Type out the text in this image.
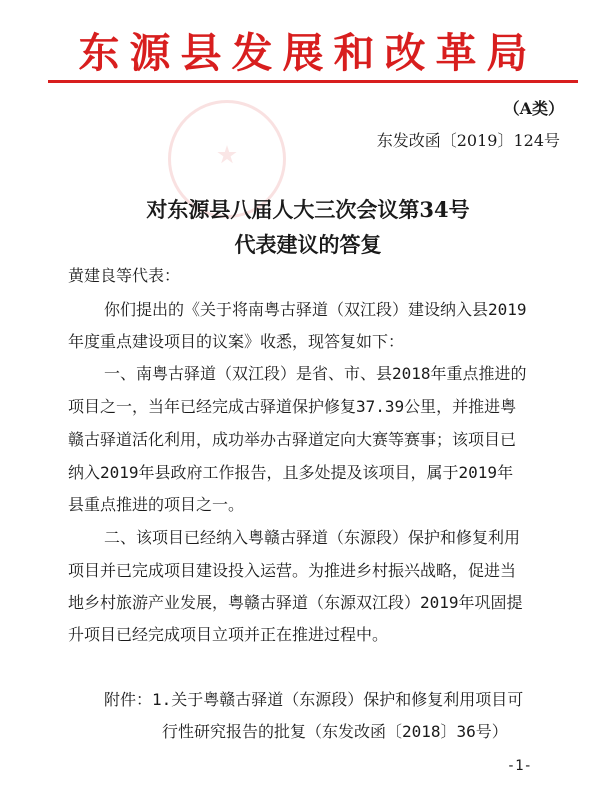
东源县发展和改革局
（A类）
东发改函〔2019〕124号
对东源县八届人大三次会议第34号
代表建议的答复
黄建良等代表：
你们提出的《关于将南粤古驿道（双江段）建设纳入县2019
年度重点建设项目的议案》收悉，现答复如下：
一、南粤古驿道（双江段）是省、市、县2018年重点推进的
项目之一，当年已经完成古驿道保护修复37.39公里，并推进粤
赣古驿道活化利用，成功举办古驿道定向大赛等赛事；该项目已
纳入2019年县政府工作报告，且多处提及该项目，属于2019年
县重点推进的项目之一。
二、该项目已经纳入粤赣古驿道（东源段）保护和修复利用
项目并已完成项目建设投入运营。为推进乡村振兴战略，促进当
地乡村旅游产业发展，粤赣古驿道（东源双江段）2019年巩固提
升项目已经完成项目立项并正在推进过程中。
附件：1.关于粤赣古驿道（东源段）保护和修复利用项目可
行性研究报告的批复（东发改函〔2018〕36号）
-1-
